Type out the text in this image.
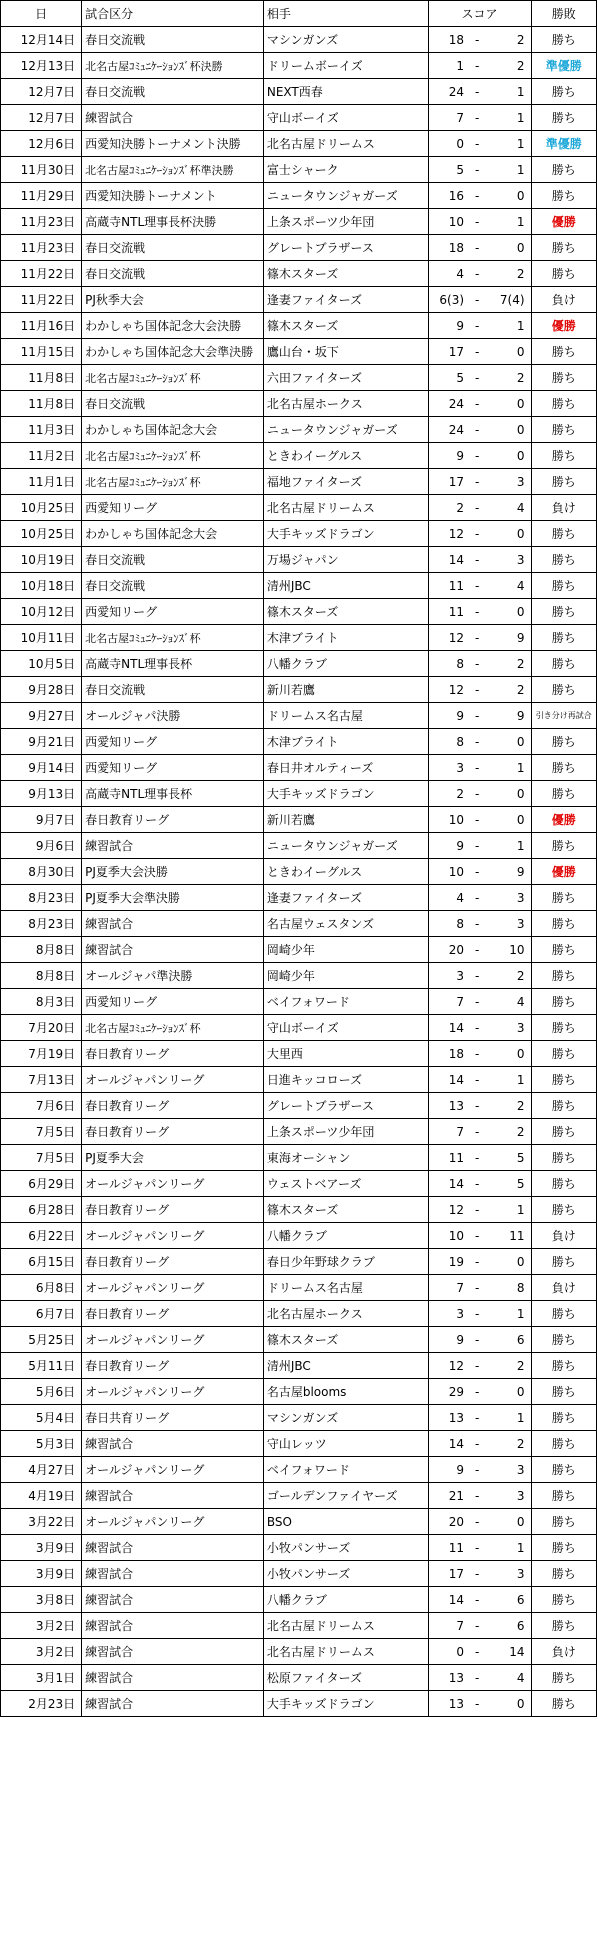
日	試合区分	相手	スコア			勝敗
12月14日	春日交流戦	マシンガンズ	18	-	2	勝ち
12月13日	北名古屋ｺﾐｭﾆｹｰｼｮﾝｽﾞ杯決勝	ドリームボーイズ	1	-	2	準優勝
12月7日	春日交流戦	NEXT西春	24	-	1	勝ち
12月7日	練習試合	守山ボーイズ	7	-	1	勝ち
12月6日	西愛知決勝トーナメント決勝	北名古屋ドリームス	0	-	1	準優勝
11月30日	北名古屋ｺﾐｭﾆｹｰｼｮﾝｽﾞ杯準決勝	富士シャーク	5	-	1	勝ち
11月29日	西愛知決勝トーナメント	ニュータウンジャガーズ	16	-	0	勝ち
11月23日	高蔵寺NTL理事長杯決勝	上条スポーツ少年団	10	-	1	優勝
11月23日	春日交流戦	グレートブラザース	18	-	0	勝ち
11月22日	春日交流戦	篠木スターズ	4	-	2	勝ち
11月22日	PJ秋季大会	逢妻ファイターズ	6(3)	-	7(4)	負け
11月16日	わかしゃち国体記念大会決勝	篠木スターズ	9	-	1	優勝
11月15日	わかしゃち国体記念大会準決勝	鷹山台・坂下	17	-	0	勝ち
11月8日	北名古屋ｺﾐｭﾆｹｰｼｮﾝｽﾞ杯	六田ファイターズ	5	-	2	勝ち
11月8日	春日交流戦	北名古屋ホークス	24	-	0	勝ち
11月3日	わかしゃち国体記念大会	ニュータウンジャガーズ	24	-	0	勝ち
11月2日	北名古屋ｺﾐｭﾆｹｰｼｮﾝｽﾞ杯	ときわイーグルス	9	-	0	勝ち
11月1日	北名古屋ｺﾐｭﾆｹｰｼｮﾝｽﾞ杯	福地ファイターズ	17	-	3	勝ち
10月25日	西愛知リーグ	北名古屋ドリームス	2	-	4	負け
10月25日	わかしゃち国体記念大会	大手キッズドラゴン	12	-	0	勝ち
10月19日	春日交流戦	万場ジャパン	14	-	3	勝ち
10月18日	春日交流戦	清州JBC	11	-	4	勝ち
10月12日	西愛知リーグ	篠木スターズ	11	-	0	勝ち
10月11日	北名古屋ｺﾐｭﾆｹｰｼｮﾝｽﾞ杯	木津ブライト	12	-	9	勝ち
10月5日	高蔵寺NTL理事長杯	八幡クラブ	8	-	2	勝ち
9月28日	春日交流戦	新川若鷹	12	-	2	勝ち
9月27日	オールジャパ決勝	ドリームス名古屋	9	-	9	引き分け再試合
9月21日	西愛知リーグ	木津ブライト	8	-	0	勝ち
9月14日	西愛知リーグ	春日井オルティーズ	3	-	1	勝ち
9月13日	高蔵寺NTL理事長杯	大手キッズドラゴン	2	-	0	勝ち
9月7日	春日教育リーグ	新川若鷹	10	-	0	優勝
9月6日	練習試合	ニュータウンジャガーズ	9	-	1	勝ち
8月30日	PJ夏季大会決勝	ときわイーグルス	10	-	9	優勝
8月23日	PJ夏季大会準決勝	逢妻ファイターズ	4	-	3	勝ち
8月23日	練習試合	名古屋ウェスタンズ	8	-	3	勝ち
8月8日	練習試合	岡崎少年	20	-	10	勝ち
8月8日	オールジャパ準決勝	岡崎少年	3	-	2	勝ち
8月3日	西愛知リーグ	ベイフォワード	7	-	4	勝ち
7月20日	北名古屋ｺﾐｭﾆｹｰｼｮﾝｽﾞ杯	守山ボーイズ	14	-	3	勝ち
7月19日	春日教育リーグ	大里西	18	-	0	勝ち
7月13日	オールジャパンリーグ	日進キッコローズ	14	-	1	勝ち
7月6日	春日教育リーグ	グレートブラザース	13	-	2	勝ち
7月5日	春日教育リーグ	上条スポーツ少年団	7	-	2	勝ち
7月5日	PJ夏季大会	東海オーシャン	11	-	5	勝ち
6月29日	オールジャパンリーグ	ウェストベアーズ	14	-	5	勝ち
6月28日	春日教育リーグ	篠木スターズ	12	-	1	勝ち
6月22日	オールジャパンリーグ	八幡クラブ	10	-	11	負け
6月15日	春日教育リーグ	春日少年野球クラブ	19	-	0	勝ち
6月8日	オールジャパンリーグ	ドリームス名古屋	7	-	8	負け
6月7日	春日教育リーグ	北名古屋ホークス	3	-	1	勝ち
5月25日	オールジャパンリーグ	篠木スターズ	9	-	6	勝ち
5月11日	春日教育リーグ	清州JBC	12	-	2	勝ち
5月6日	オールジャパンリーグ	名古屋blooms	29	-	0	勝ち
5月4日	春日共育リーグ	マシンガンズ	13	-	1	勝ち
5月3日	練習試合	守山レッツ	14	-	2	勝ち
4月27日	オールジャパンリーグ	ベイフォワード	9	-	3	勝ち
4月19日	練習試合	ゴールデンファイヤーズ	21	-	3	勝ち
3月22日	オールジャパンリーグ	BSO	20	-	0	勝ち
3月9日	練習試合	小牧パンサーズ	11	-	1	勝ち
3月9日	練習試合	小牧パンサーズ	17	-	3	勝ち
3月8日	練習試合	八幡クラブ	14	-	6	勝ち
3月2日	練習試合	北名古屋ドリームス	7	-	6	勝ち
3月2日	練習試合	北名古屋ドリームス	0	-	14	負け
3月1日	練習試合	松原ファイターズ	13	-	4	勝ち
2月23日	練習試合	大手キッズドラゴン	13	-	0	勝ち
